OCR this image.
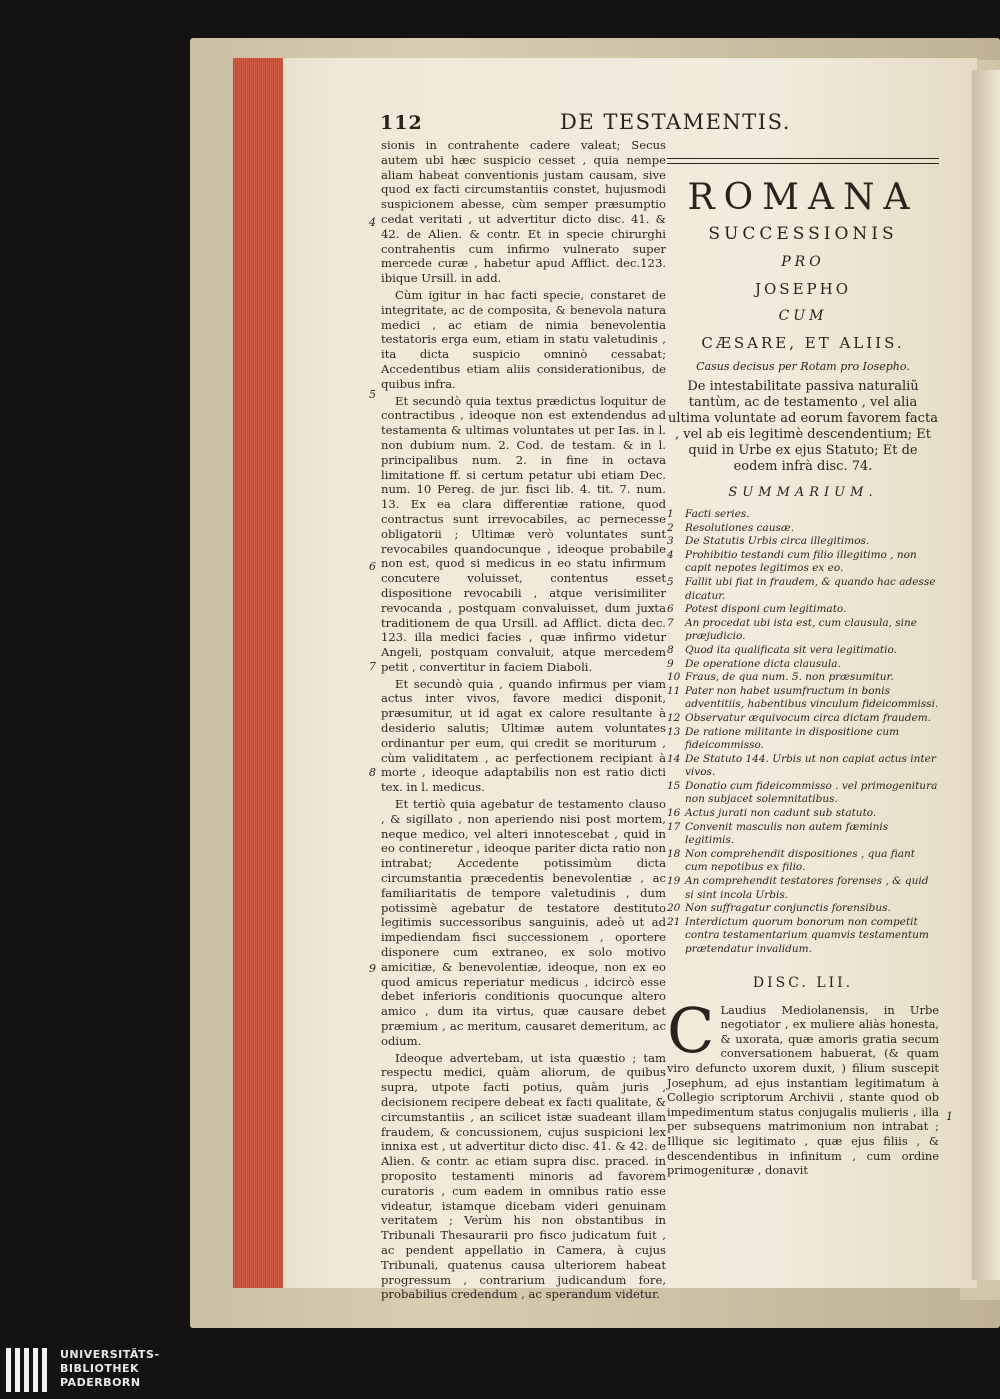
112	DE TESTAMENTIS.

sionis in contrahente cadere valeat; Secus autem ubi hæc suspicio cesset , quia nempe aliam habeat conventionis justam causam, sive quod ex facti circumstantiis constet, hujusmodi suspicionem abesse, cùm semper præsumptio cedat veritati , ut advertitur dicto disc. 41. & 42. de Alien. & contr. Et in specie chirurghi contrahentis cum infirmo vulnerato super mercede curæ , habetur apud Afflict. dec.123. ibique Ursill. in add.

Cùm igitur in hac facti specie, constaret de integritate, ac de composita, & benevola natura medici , ac etiam de nimia benevolentia testatoris erga eum, etiam in statu valetudinis , ita dicta suspicio omninò cessabat; Accedentibus etiam aliis considerationibus, de quibus infra.

Et secundò quia textus prædictus loquitur de contractibus , ideoque non est extendendus ad testamenta & ultimas voluntates ut per Ias. in l. non dubium num. 2. Cod. de testam. & in l. principalibus num. 2. in fine in octava limitatione ff. si certum petatur ubi etiam Dec. num. 10 Pereg. de jur. fisci lib. 4. tit. 7. num. 13. Ex ea clara differentiæ ratione, quod contractus sunt irrevocabiles, ac pernecesse obligatorii ; Ultimæ verò voluntates sunt revocabiles quandocunque , ideoque probabile non est, quod si medicus in eo statu infirmum concutere voluisset, contentus esset dispositione revocabili , atque verisimiliter revocanda , postquam convaluisset, dum juxta traditionem de qua Ursill. ad Afflict. dicta dec. 123. illa medici facies , quæ infirmo videtur Angeli, postquam convaluit, atque mercedem petit , convertitur in faciem Diaboli.

Et secundò quia , quando infirmus per viam actus inter vivos, favore medici disponit, præsumitur, ut id agat ex calore resultante à desiderio salutis; Ultimæ autem voluntates ordinantur per eum, qui credit se moriturum , cùm validitatem , ac perfectionem recipiant à morte , ideoque adaptabilis non est ratio dicti tex. in l. medicus.

Et tertiò quia agebatur de testamento clauso , & sigillato , non aperiendo nisi post mortem, neque medico, vel alteri innotescebat , quid in eo contineretur , ideoque pariter dicta ratio non intrabat; Accedente potissimùm dicta circumstantia præcedentis benevolentiæ , ac familiaritatis de tempore valetudinis , dum potissimè agebatur de testatore destituto legitimis successoribus sanguinis, adeò ut ad impediendam fisci successionem , oportere disponere cum extraneo, ex solo motivo amicitiæ, & benevolentiæ, ideoque, non ex eo quod amicus reperiatur medicus , idcircò esse debet inferioris conditionis quocunque altero amico , dum ita virtus, quæ causare debet præmium , ac meritum, causaret demeritum, ac odium.

Ideoque advertebam, ut ista quæstio ; tam respectu medici, quàm aliorum, de quibus supra, utpote facti potius, quàm juris , decisionem recipere debeat ex facti qualitate, & circumstantiis , an scilicet istæ suadeant illam fraudem, & concussionem, cujus suspicioni lex innixa est , ut advertitur dicto disc. 41. & 42. de Alien. & contr. ac etiam supra disc. praced. in proposito testamenti minoris ad favorem curatoris , cum eadem in omnibus ratio esse videatur, istamque dicebam videri genuinam veritatem ; Verùm his non obstantibus in Tribunali Thesaurarii pro fisco judicatum fuit , ac pendent appellatio in Camera, à cujus Tribunali, quatenus causa ulteriorem habeat progressum , contrarium judicandum fore, probabilius credendum , ac sperandum videtur.

4
5
6
7
8
9
ROMANA
SUCCESSIONIS
PRO
JOSEPHO
CUM
CÆSARE, ET ALIIS.
Casus decisus per Rotam pro Iosepho.
De intestabilitate passiva naturaliũ tantùm, ac de testamento , vel alia ultima voluntate ad eorum favorem facta , vel ab eis legitimè descendentium; Et quid in Urbe ex ejus Statuto; Et de eodem infrà disc. 74.
SUMMARIUM.
1	Facti series.
2	Resolutiones causæ.
3	De Statutis Urbis circa illegitimos.
4	Prohibitio testandi cum filio illegitimo , non capit nepotes legitimos ex eo.
5	Fallit ubi fiat in fraudem, & quando hac adesse dicatur.
6	Potest disponi cum legitimato.
7	An procedat ubi ista est, cum clausula, sine præjudicio.
8	Quod ita qualificata sit vera legitimatio.
9	De operatione dicta clausula.
10 Fraus, de qua num. 5. non præsumitur.
11 Pater non habet usumfructum in bonis adventitiis, habentibus vinculum fideicommissi.
12 Observatur æquivocum circa dictam fraudem.
13 De ratione militante in dispositione cum fideicommisso.
14 De Statuto 144. Urbis ut non capiat actus inter vivos.
15 Donatio cum fideicommisso . vel primogenitura non subjacet solemnitatibus.
16 Actus jurati non cadunt sub statuto.
17 Convenit masculis non autem fæminis legitimis.
18 Non comprehendit dispositiones , qua fiant cum nepotibus ex filio.
19 An comprehendit testatores forenses , & quid si sint incola Urbis.
20 Non suffragatur conjunctis forensibus.
21 Interdictum quorum bonorum non competit contra testamentarium quamvis testamentum prætendatur invalidum.
DISC. LII.
C Laudius Mediolanensis, in Urbe negotiator , ex muliere aliàs honesta, & uxorata, quæ amoris gratia secum conversationem habuerat, (& quam viro defuncto uxorem duxit, ) filium suscepit Josephum, ad ejus instantiam legitimatum à Collegio scriptorum Archivii , stante quod ob impedimentum status conjugalis mulieris , illa per subsequens matrimonium non intrabat ; Illique sic legitimato , quæ ejus filiis , & descendentibus in infinitum , cum ordine primogenituræ , donavit
1
UNIVERSITÄTS-
BIBLIOTHEK
PADERBORN
